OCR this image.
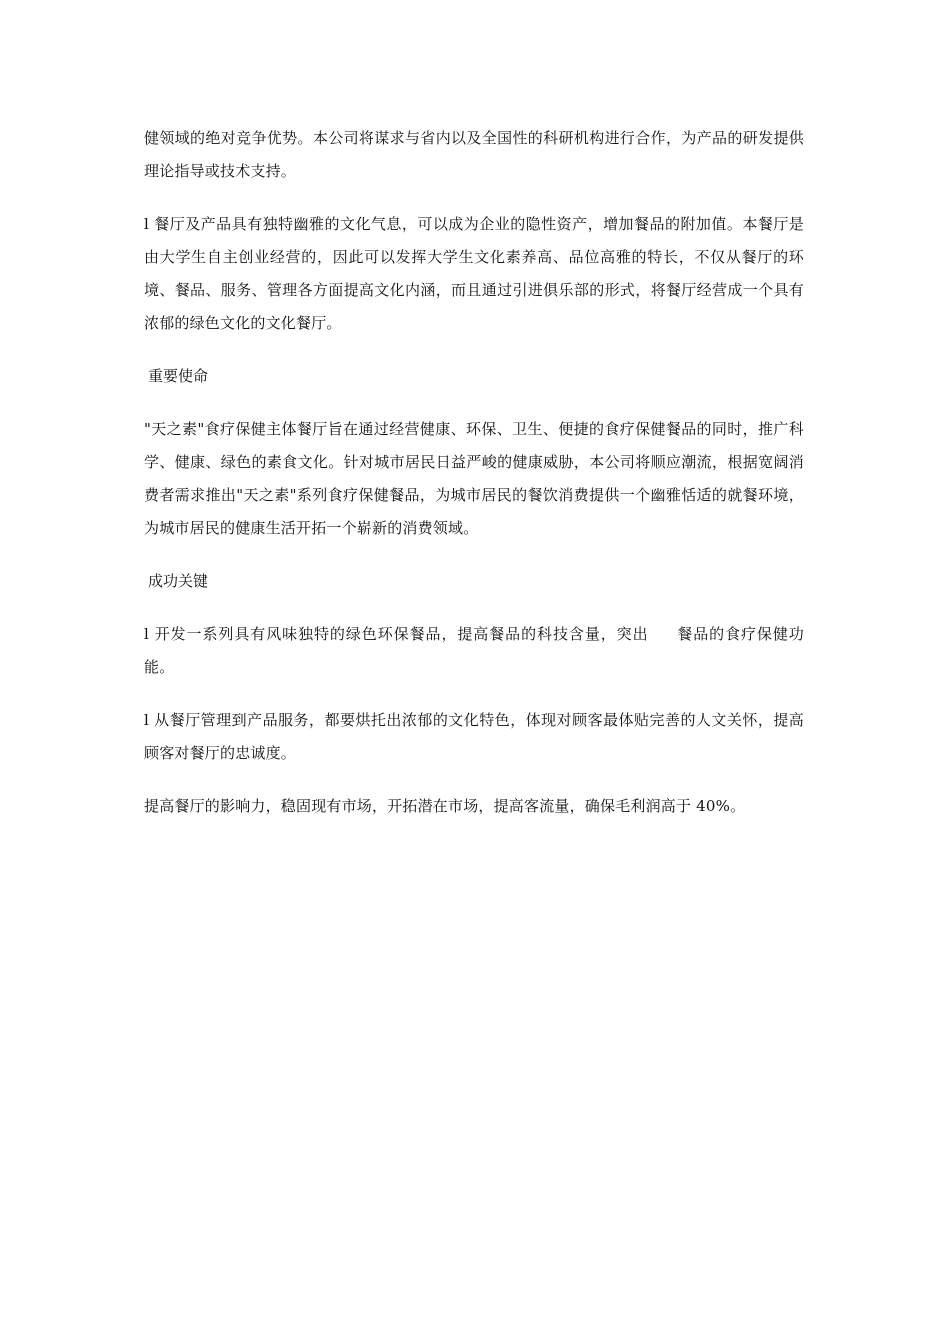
健领域的绝对竞争优势。本公司将谋求与省内以及全国性的科研机构进行合作，为产品的研发提供理论指导或技术支持。

l 餐厅及产品具有独特幽雅的文化气息，可以成为企业的隐性资产，增加餐品的附加值。本餐厅是由大学生自主创业经营的，因此可以发挥大学生文化素养高、品位高雅的特长，不仅从餐厅的环境、餐品、服务、管理各方面提高文化内涵，而且通过引进俱乐部的形式，将餐厅经营成一个具有浓郁的绿色文化的文化餐厅。

重要使命

"天之素"食疗保健主体餐厅旨在通过经营健康、环保、卫生、便捷的食疗保健餐品的同时，推广科学、健康、绿色的素食文化。针对城市居民日益严峻的健康威胁，本公司将顺应潮流，根据宽阔消费者需求推出"天之素"系列食疗保健餐品，为城市居民的餐饮消费提供一个幽雅恬适的就餐环境，为城市居民的健康生活开拓一个崭新的消费领域。

成功关键

l 开发一系列具有风味独特的绿色环保餐品，提高餐品的科技含量，突出 餐品的食疗保健功能。

l 从餐厅管理到产品服务，都要烘托出浓郁的文化特色，体现对顾客最体贴完善的人文关怀，提高顾客对餐厅的忠诚度。

提高餐厅的影响力，稳固现有市场，开拓潜在市场，提高客流量，确保毛利润高于 40%。
